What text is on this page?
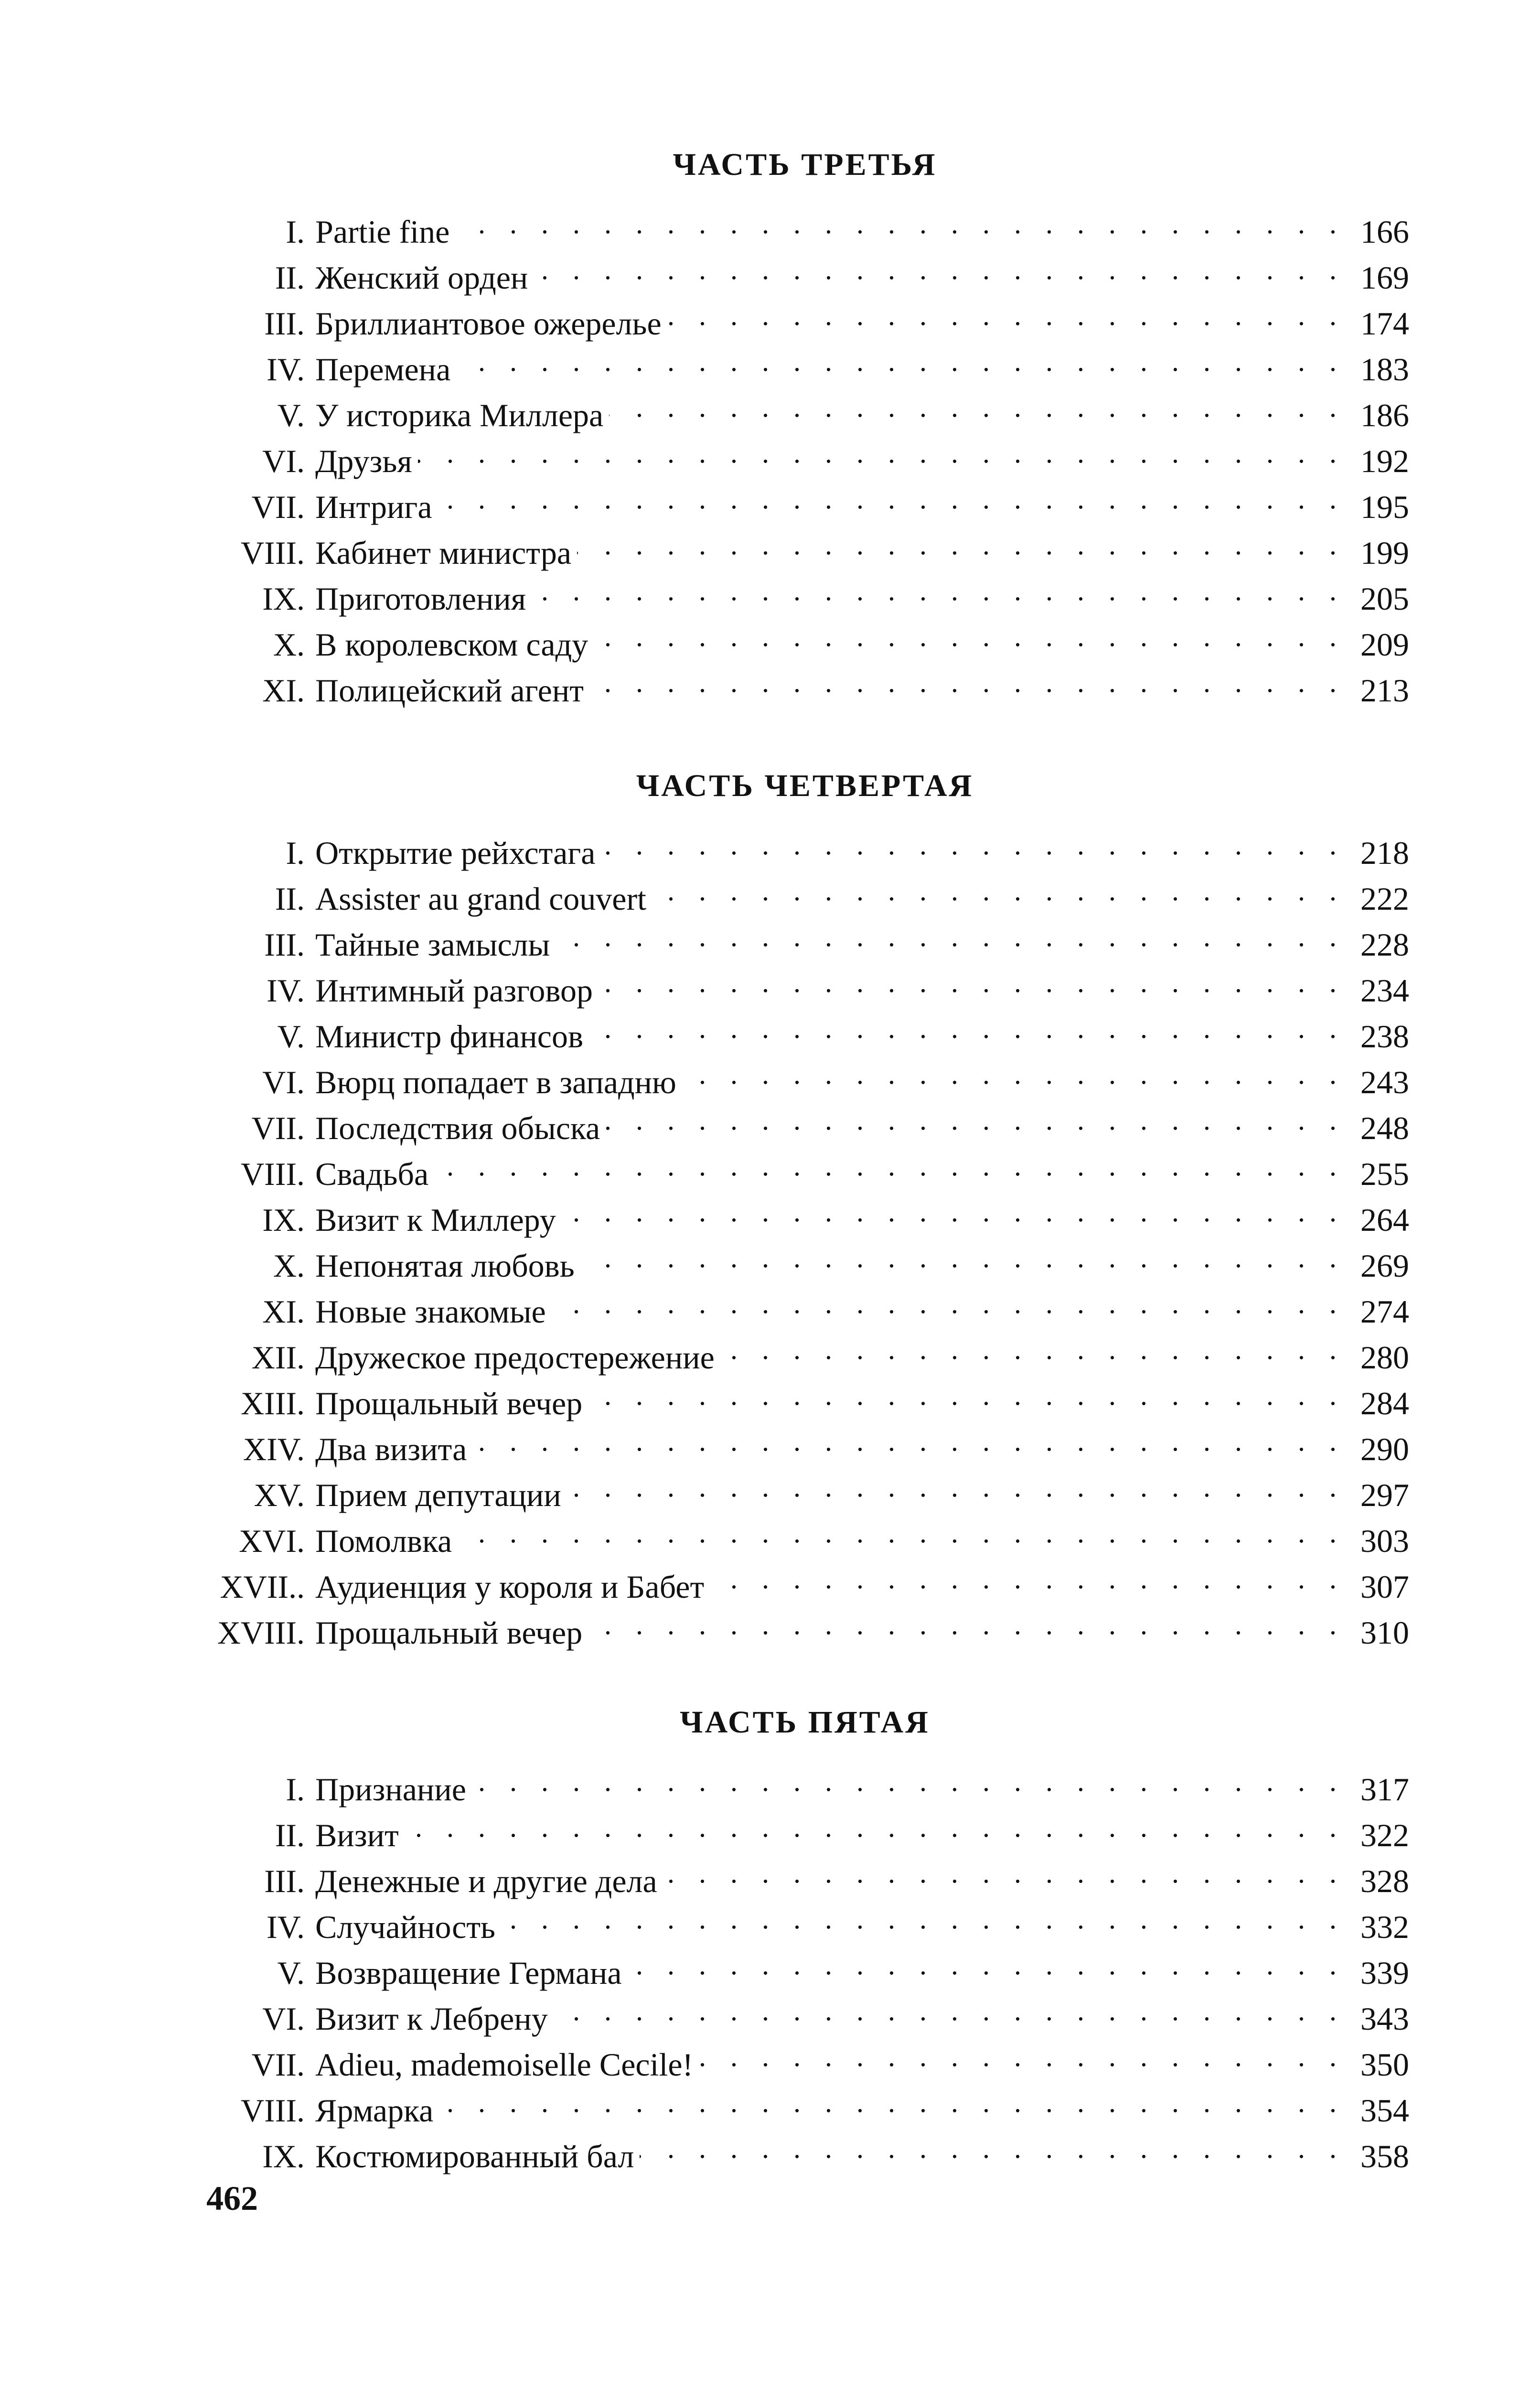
ЧАСТЬ ТРЕТЬЯ
I. Partie fine . . .	166
II. Женский орден . . .	169
III. Бриллиантовое ожерелье . . .	174
IV. Перемена . . .	183
V. У историка Миллера . . .	186
VI. Друзья . . .	192
VII. Интрига . . .	195
VIII. Кабинет министра . . .	199
IX. Приготовления . . .	205
X. В королевском саду . . .	209
XI. Полицейский агент . . .	213
ЧАСТЬ ЧЕТВЕРТАЯ
I. Открытие рейхстага . . .	218
II. Assister au grand couvert . . .	222
III. Тайные замыслы . . .	228
IV. Интимный разговор . . .	234
V. Министр финансов . . .	238
VI. Вюрц попадает в западню . . .	243
VII. Последствия обыска . . .	248
VIII. Свадьба . . .	255
IX. Визит к Миллеру . . .	264
X. Непонятая любовь . . .	269
XI. Новые знакомые . . .	274
XII. Дружеское предостережение . . .	280
XIII. Прощальный вечер . . .	284
XIV. Два визита . . .	290
XV. Прием депутации . . .	297
XVI. Помолвка . . .	303
XVII.. Аудиенция у короля и Бабет . . .	307
XVIII. Прощальный вечер . . .	310
ЧАСТЬ ПЯТАЯ
I. Признание . . .	317
II. Визит . . .	322
III. Денежные и другие дела . . .	328
IV. Случайность . . .	332
V. Возвращение Германа . . .	339
VI. Визит к Лебрену . . .	343
VII. Adieu, mademoiselle Cecile! . . .	350
VIII. Ярмарка . . .	354
IX. Костюмированный бал . . .	358
462
